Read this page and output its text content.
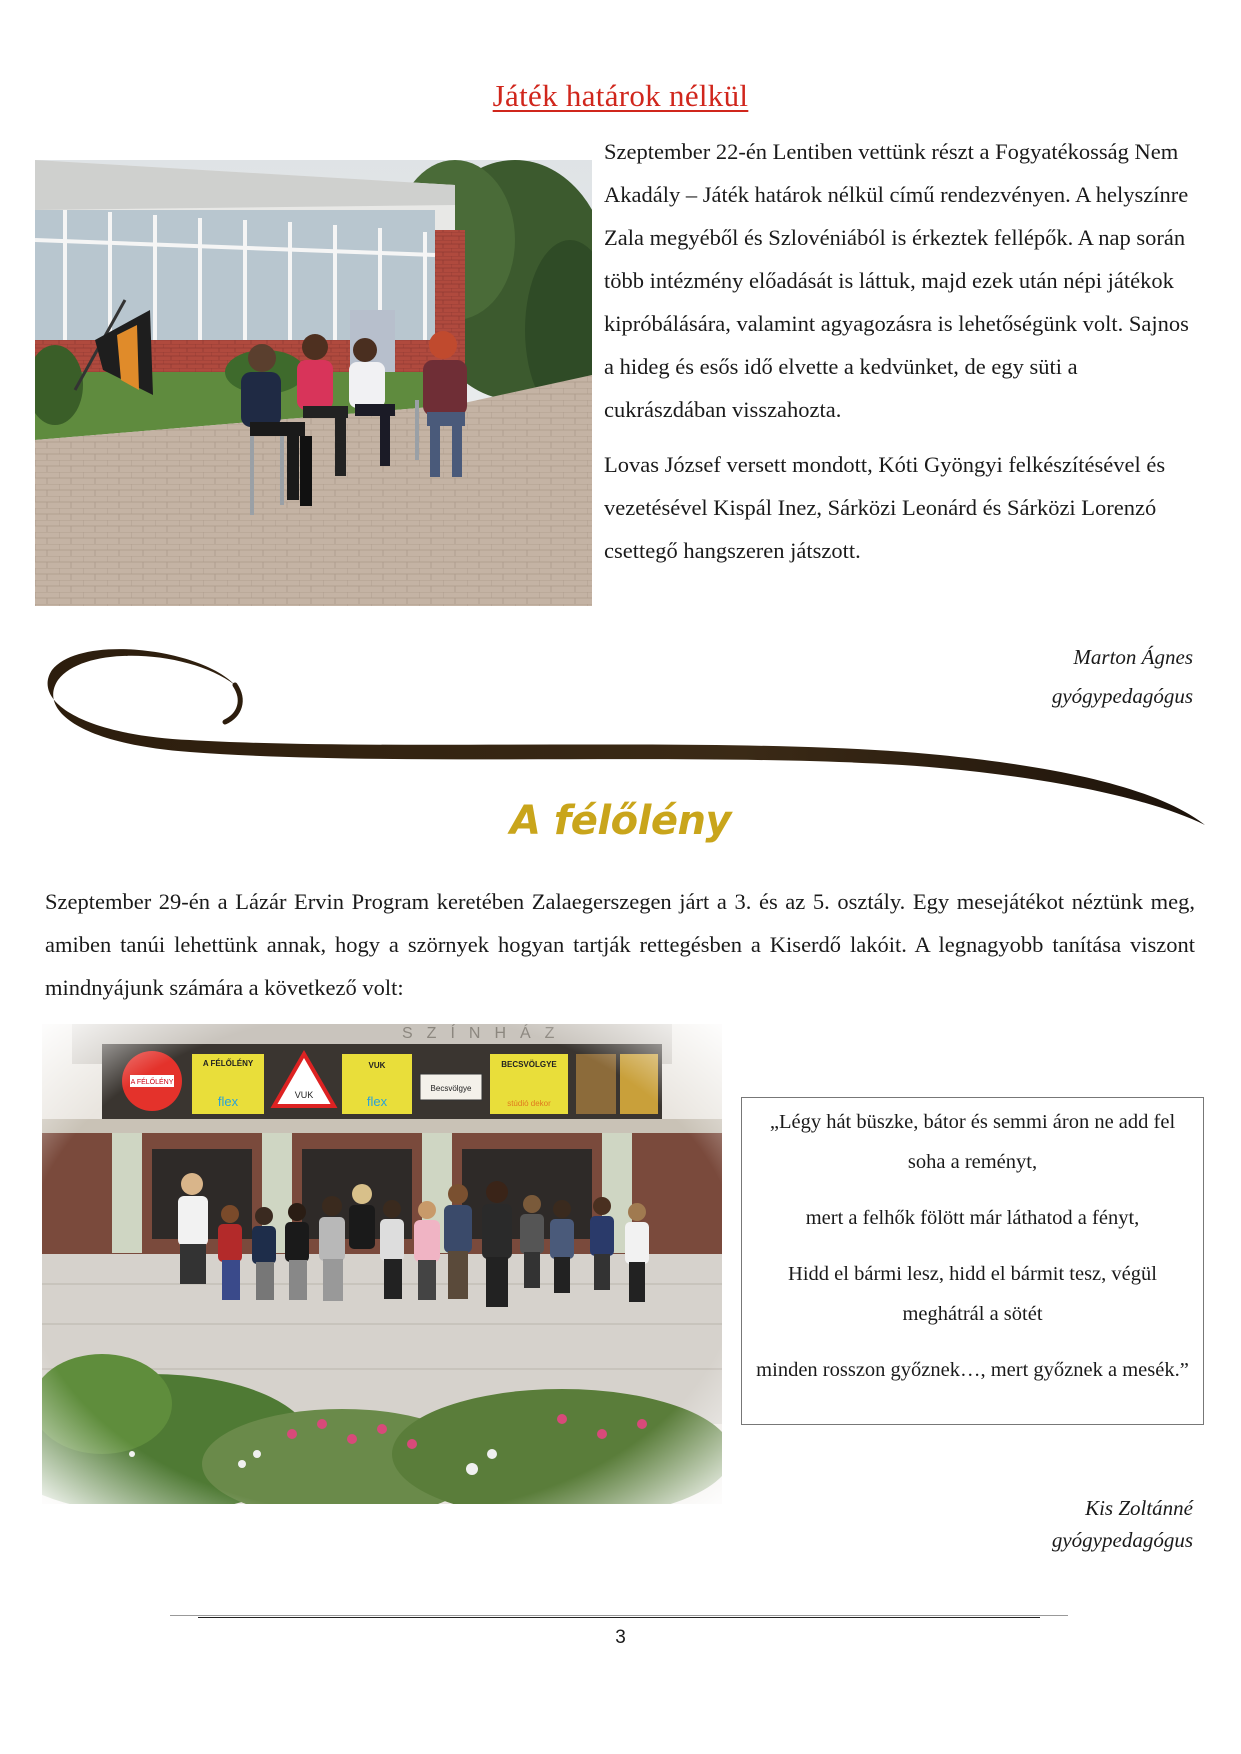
Játék határok nélkül

Szeptember 22-én Lentiben vettünk részt a Fogyatékosság Nem Akadály – Játék határok nélkül című rendezvényen. A helyszínre Zala megyéből és Szlovéniából is érkeztek fellépők. A nap során több intézmény előadását is láttuk, majd ezek után népi játékok kipróbálására, valamint agyagozásra is lehetőségünk volt. Sajnos a hideg és esős idő elvette a kedvünket, de egy süti a cukrászdában visszahozta.

Lovas József versett mondott, Kóti Gyöngyi felkészítésével és vezetésével Kispál Inez, Sárközi Leonárd és Sárközi Lorenzó csettegő hangszeren játszott.

Marton Ágnes
gyógypedagógus
A félőlény
Szeptember 29-én a Lázár Ervin Program keretében Zalaegerszegen járt a 3. és az 5. osztály. Egy mesejátékot néztünk meg, amiben tanúi lehettünk annak, hogy a szörnyek hogyan tartják rettegésben a Kiserdő lakóit. A legnagyobb tanítása viszont mindnyájunk számára a következő volt:

„Légy hát büszke, bátor és semmi áron ne add fel soha a reményt,

mert a felhők fölött már láthatod a fényt,

Hidd el bármi lesz, hidd el bármit tesz, végül meghátrál a sötét

minden rosszon győznek…, mert győznek a mesék.”

Kis Zoltánné
gyógypedagógus
3
